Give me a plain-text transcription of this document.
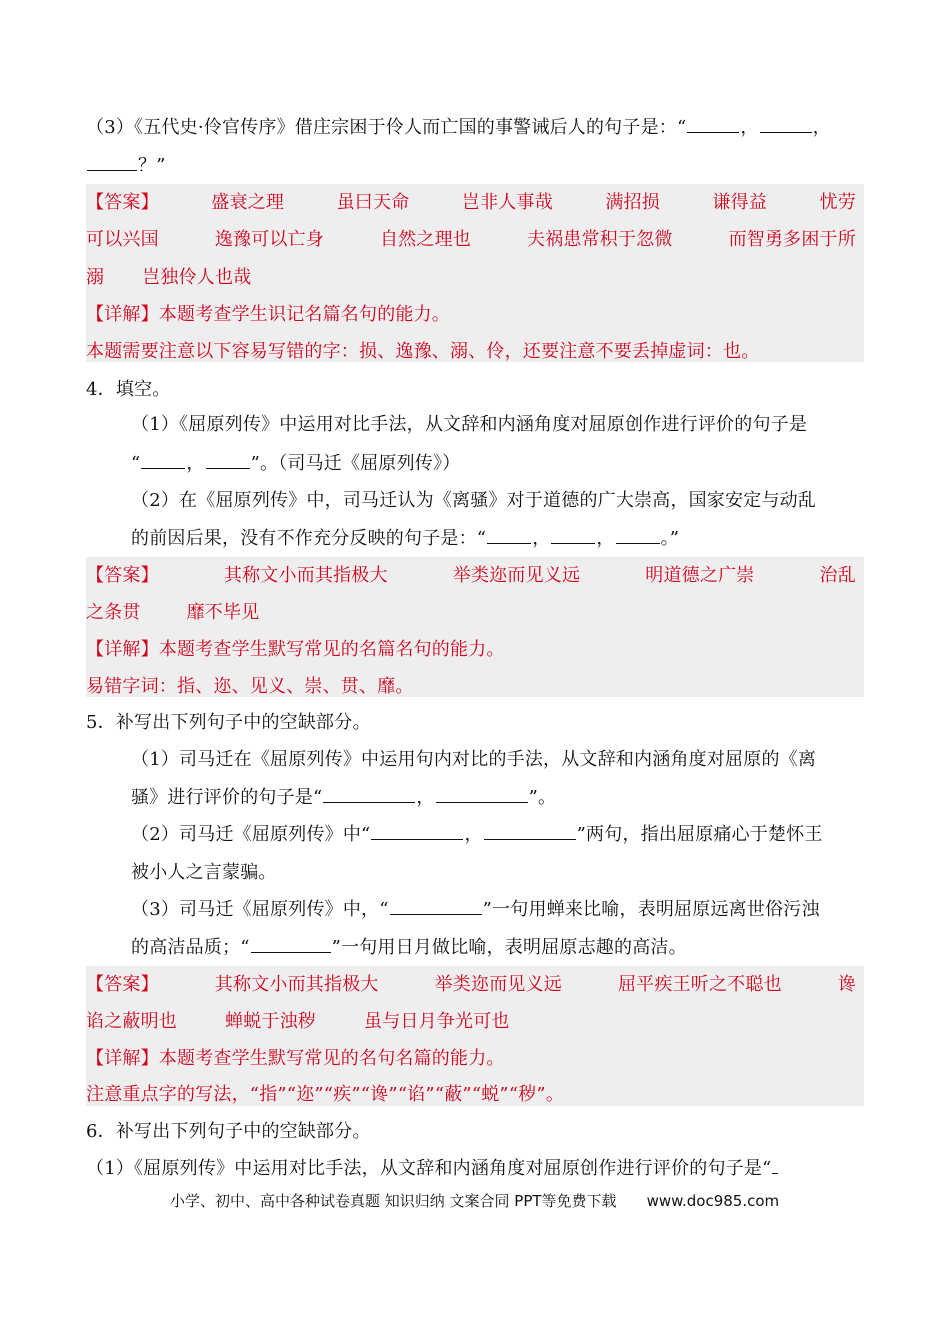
（3）《五代史·伶官传序》借庄宗困于伶人而亡国的事警诫后人的句子是：“	，	，
？”
【答案】	盛衰之理	虽曰天命	岂非人事哉	满招损	谦得益	忧劳
可以兴国	逸豫可以亡身	自然之理也	夫祸患常积于忽微	而智勇多困于所
溺 岂独伶人也哉
【详解】本题考查学生识记名篇名句的能力。
本题需要注意以下容易写错的字：损、逸豫、溺、伶，还要注意不要丢掉虚词：也。
4．填空。
（1）《屈原列传》中运用对比手法，从文辞和内涵角度对屈原创作进行评价的句子是
“	，	”。（司马迁《屈原列传》）
（2）在《屈原列传》中，司马迁认为《离骚》对于道德的广大崇高，国家安定与动乱
的前因后果，没有不作充分反映的句子是：“	，	，	。”
【答案】	其称文小而其指极大	举类迩而见义远	明道德之广崇	治乱
之条贯	靡不毕见
【详解】本题考查学生默写常见的名篇名句的能力。
易错字词：指、迩、见义、崇、贯、靡。
5．补写出下列句子中的空缺部分。
（1）司马迁在《屈原列传》中运用句内对比的手法，从文辞和内涵角度对屈原的《离
骚》进行评价的句子是“	，	”。
（2）司马迁《屈原列传》中“	，	”两句，指出屈原痛心于楚怀王
被小人之言蒙骗。
（3）司马迁《屈原列传》中，“	”一句用蝉来比喻，表明屈原远离世俗污浊
的高洁品质；“	”一句用日月做比喻，表明屈原志趣的高洁。
【答案】	其称文小而其指极大	举类迩而见义远	屈平疾王听之不聪也	谗
谄之蔽明也	蝉蜕于浊秽	虽与日月争光可也
【详解】本题考查学生默写常见的名句名篇的能力。
注意重点字的写法，“指”“迩”“疾”“谗”“谄”“蔽”“蜕”“秽”。
6．补写出下列句子中的空缺部分。
（1）《屈原列传》中运用对比手法，从文辞和内涵角度对屈原创作进行评价的句子是“
小学、初中、高中各种试卷真题 知识归纳 文案合同 PPT等免费下载 www.doc985.com
